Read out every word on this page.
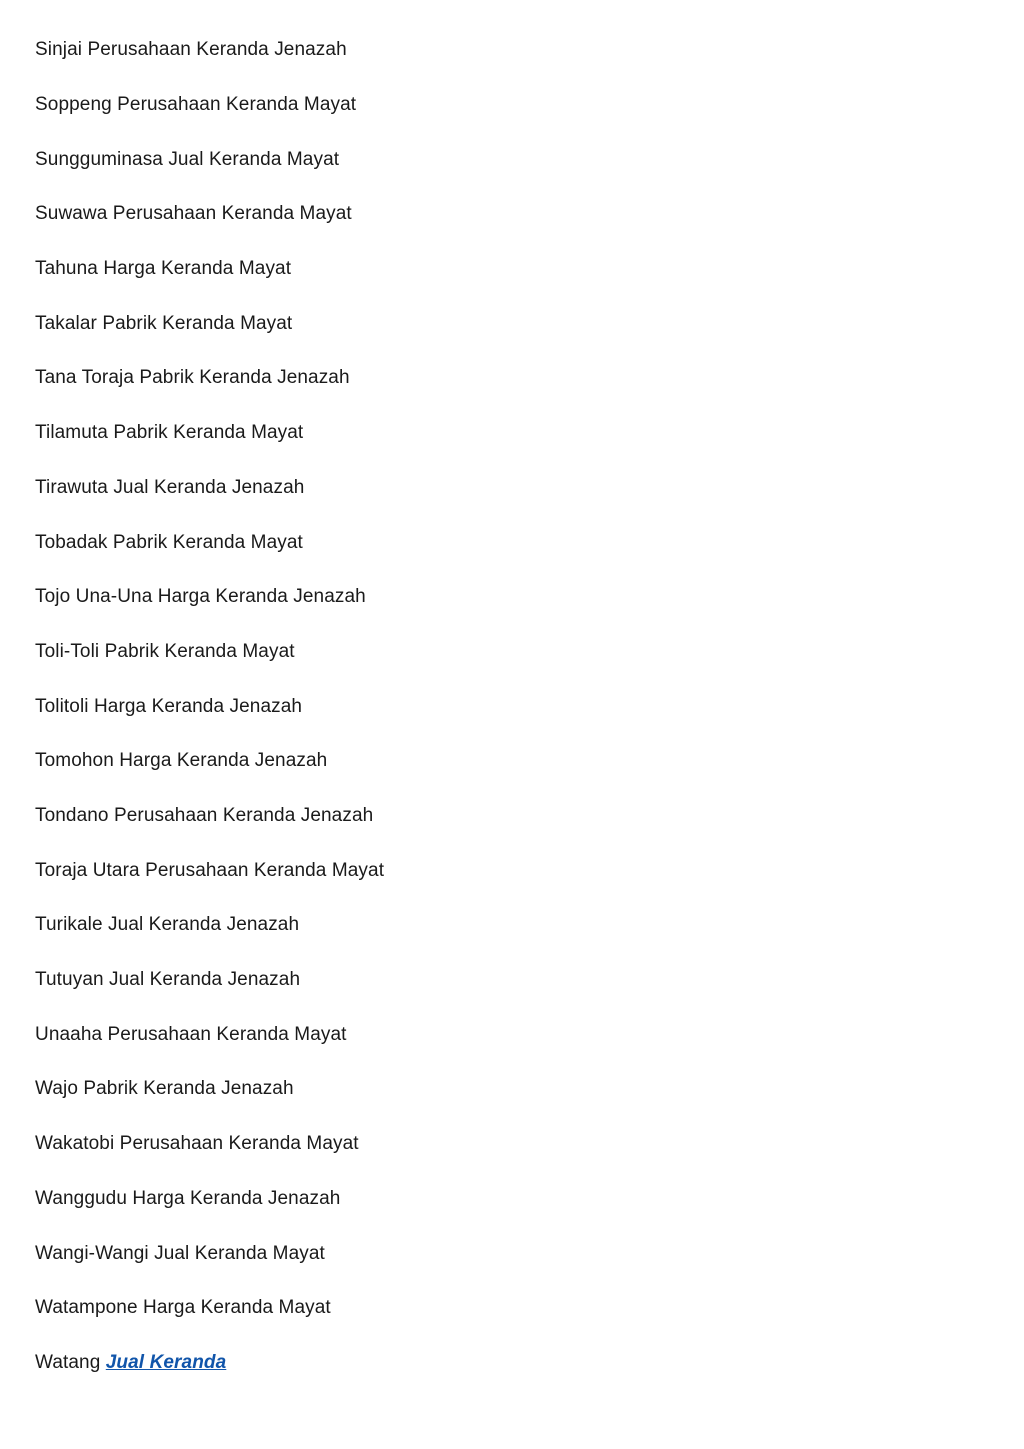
Sinjai Perusahaan Keranda Jenazah
Soppeng Perusahaan Keranda Mayat
Sungguminasa Jual Keranda Mayat
Suwawa Perusahaan Keranda Mayat
Tahuna Harga Keranda Mayat
Takalar Pabrik Keranda Mayat
Tana Toraja Pabrik Keranda Jenazah
Tilamuta Pabrik Keranda Mayat
Tirawuta Jual Keranda Jenazah
Tobadak Pabrik Keranda Mayat
Tojo Una-Una Harga Keranda Jenazah
Toli-Toli Pabrik Keranda Mayat
Tolitoli Harga Keranda Jenazah
Tomohon Harga Keranda Jenazah
Tondano Perusahaan Keranda Jenazah
Toraja Utara Perusahaan Keranda Mayat
Turikale Jual Keranda Jenazah
Tutuyan Jual Keranda Jenazah
Unaaha Perusahaan Keranda Mayat
Wajo Pabrik Keranda Jenazah
Wakatobi Perusahaan Keranda Mayat
Wanggudu Harga Keranda Jenazah
Wangi-Wangi Jual Keranda Mayat
Watampone Harga Keranda Mayat
Watang Jual Keranda
